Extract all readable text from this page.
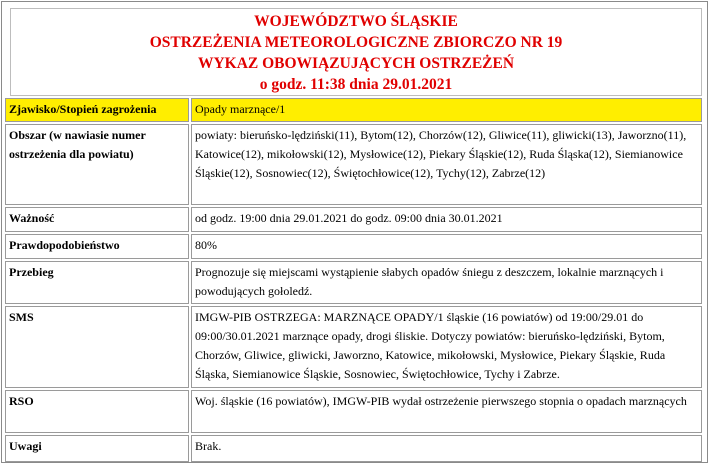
WOJEWÓDZTWO ŚLĄSKIE
OSTRZEŻENIA METEOROLOGICZNE ZBIORCZO NR 19
WYKAZ OBOWIĄZUJĄCYCH OSTRZEŻEŃ
o godz. 11:38 dnia 29.01.2021
Zjawisko/Stopień zagrożenia	Opady marznące/1
Obszar (w nawiasie numer ostrzeżenia dla powiatu)	powiaty: bieruńsko-lędziński(11), Bytom(12), Chorzów(12), Gliwice(11), gliwicki(13), Jaworzno(11), Katowice(12), mikołowski(12), Mysłowice(12), Piekary Śląskie(12), Ruda Śląska(12), Siemianowice Śląskie(12), Sosnowiec(12), Świętochłowice(12), Tychy(12), Zabrze(12)
Ważność	od godz. 19:00 dnia 29.01.2021 do godz. 09:00 dnia 30.01.2021
Prawdopodobieństwo	80%
Przebieg	Prognozuje się miejscami wystąpienie słabych opadów śniegu z deszczem, lokalnie marznących i powodujących gołoledź.
SMS	IMGW-PIB OSTRZEGA: MARZNĄCE OPADY/1 śląskie (16 powiatów) od 19:00/29.01 do 09:00/30.01.2021 marznące opady, drogi śliskie. Dotyczy powiatów: bieruńsko-lędziński, Bytom, Chorzów, Gliwice, gliwicki, Jaworzno, Katowice, mikołowski, Mysłowice, Piekary Śląskie, Ruda Śląska, Siemianowice Śląskie, Sosnowiec, Świętochłowice, Tychy i Zabrze.
RSO	Woj. śląskie (16 powiatów), IMGW-PIB wydał ostrzeżenie pierwszego stopnia o opadach marznących
Uwagi	Brak.
